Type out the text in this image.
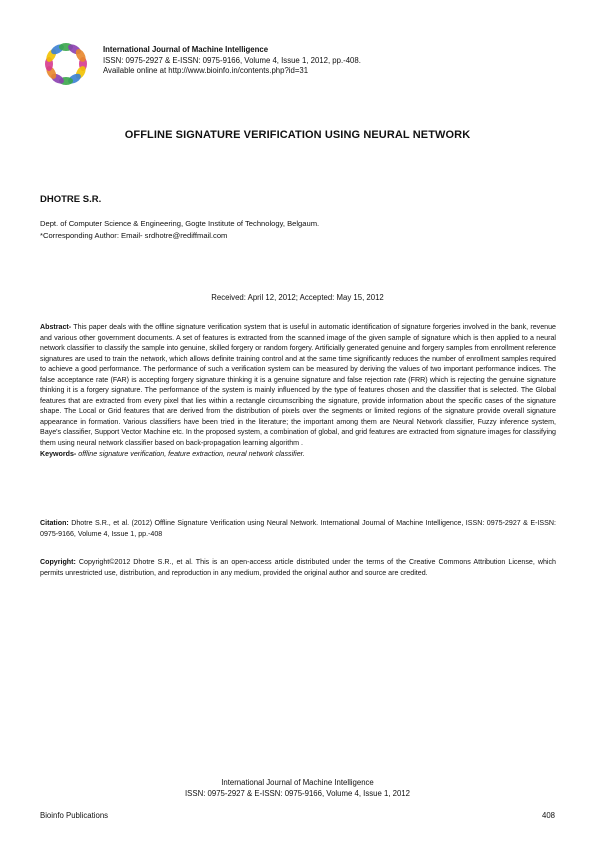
International Journal of Machine Intelligence
ISSN: 0975-2927 & E-ISSN: 0975-9166, Volume 4, Issue 1, 2012, pp.-408.
Available online at http://www.bioinfo.in/contents.php?id=31
OFFLINE SIGNATURE VERIFICATION USING NEURAL NETWORK
DHOTRE S.R.
Dept. of Computer Science & Engineering, Gogte Institute of Technology, Belgaum.
*Corresponding Author: Email- srdhotre@rediffmail.com
Received: April 12, 2012; Accepted: May 15, 2012
Abstract- This paper deals with the offline signature verification system that is useful in automatic identification of signature forgeries involved in the bank, revenue and various other government documents. A set of features is extracted from the scanned image of the given sample of signature which is then applied to a neural network classifier to classify the sample into genuine, skilled forgery or random forgery. Artificially generated genuine and forgery samples from enrollment reference signatures are used to train the network, which allows definite training control and at the same time significantly reduces the number of enrollment samples required to achieve a good performance. The performance of such a verification system can be measured by deriving the values of two important performance indices. The false acceptance rate (FAR) is accepting forgery signature thinking it is a genuine signature and false rejection rate (FRR) which is rejecting the genuine signature thinking it is a forgery signature. The performance of the system is mainly influenced by the type of features chosen and the classifier that is selected. The Global features that are extracted from every pixel that lies within a rectangle circumscribing the signature, provide information about the specific cases of the signature shape. The Local or Grid features that are derived from the distribution of pixels over the segments or limited regions of the signature provide overall signature appearance in formation. Various classifiers have been tried in the literature; the important among them are Neural Network classifier, Fuzzy inference system, Baye's classifier, Support Vector Machine etc. In the proposed system, a combination of global, and grid features are extracted from signature images for classifying them using neural network classifier based on back-propagation learning algorithm .
Keywords- offline signature verification, feature extraction, neural network classifier.
Citation: Dhotre S.R., et al. (2012) Offline Signature Verification using Neural Network. International Journal of Machine Intelligence, ISSN: 0975-2927 & E-ISSN: 0975-9166, Volume 4, Issue 1, pp.-408
Copyright: Copyright©2012 Dhotre S.R., et al. This is an open-access article distributed under the terms of the Creative Commons Attribution License, which permits unrestricted use, distribution, and reproduction in any medium, provided the original author and source are credited.
International Journal of Machine Intelligence
ISSN: 0975-2927 & E-ISSN: 0975-9166, Volume 4, Issue 1, 2012
Bioinfo Publications	408
